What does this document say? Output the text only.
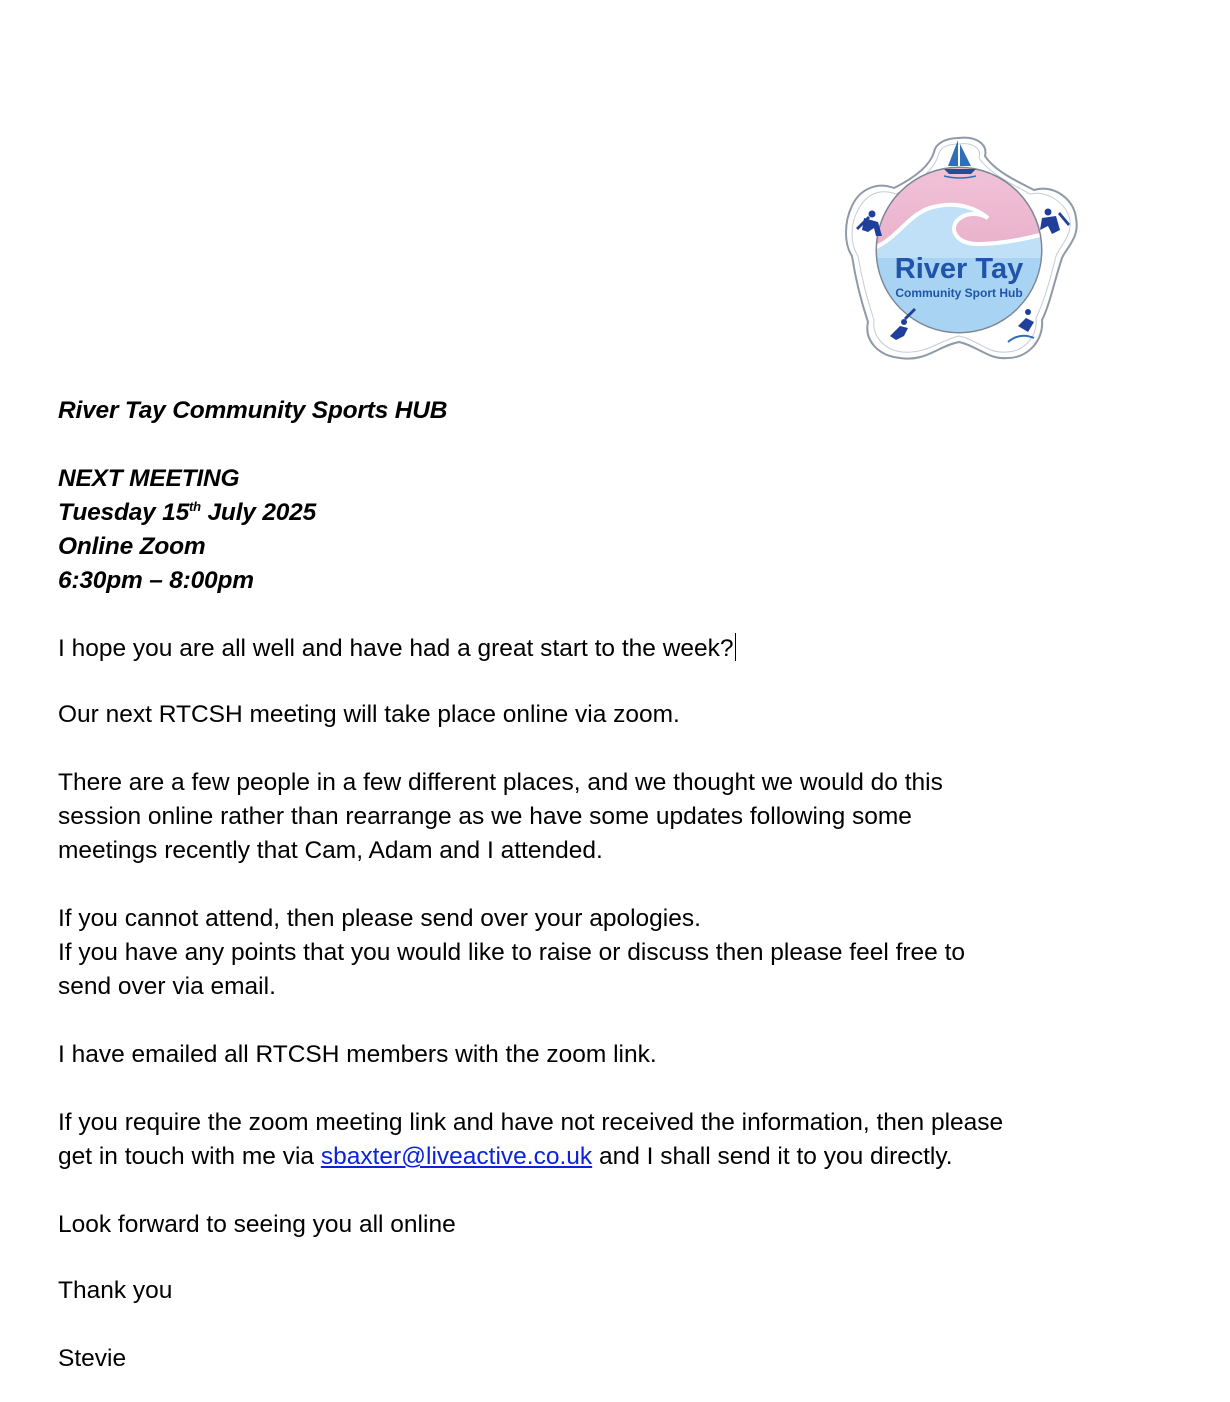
River Tay
Community Sport Hub

River Tay Community Sports HUB

NEXT MEETING

Tuesday 15th July 2025

Online Zoom

6:30pm – 8:00pm

I hope you are all well and have had a great start to the week?

Our next RTCSH meeting will take place online via zoom.

There are a few people in a few different places, and we thought we would do this

session online rather than rearrange as we have some updates following some

meetings recently that Cam, Adam and I attended.

If you cannot attend, then please send over your apologies.

If you have any points that you would like to raise or discuss then please feel free to

send over via email.

I have emailed all RTCSH members with the zoom link.

If you require the zoom meeting link and have not received the information, then please

get in touch with me via sbaxter@liveactive.co.uk and I shall send it to you directly.

Look forward to seeing you all online

Thank you

Stevie
